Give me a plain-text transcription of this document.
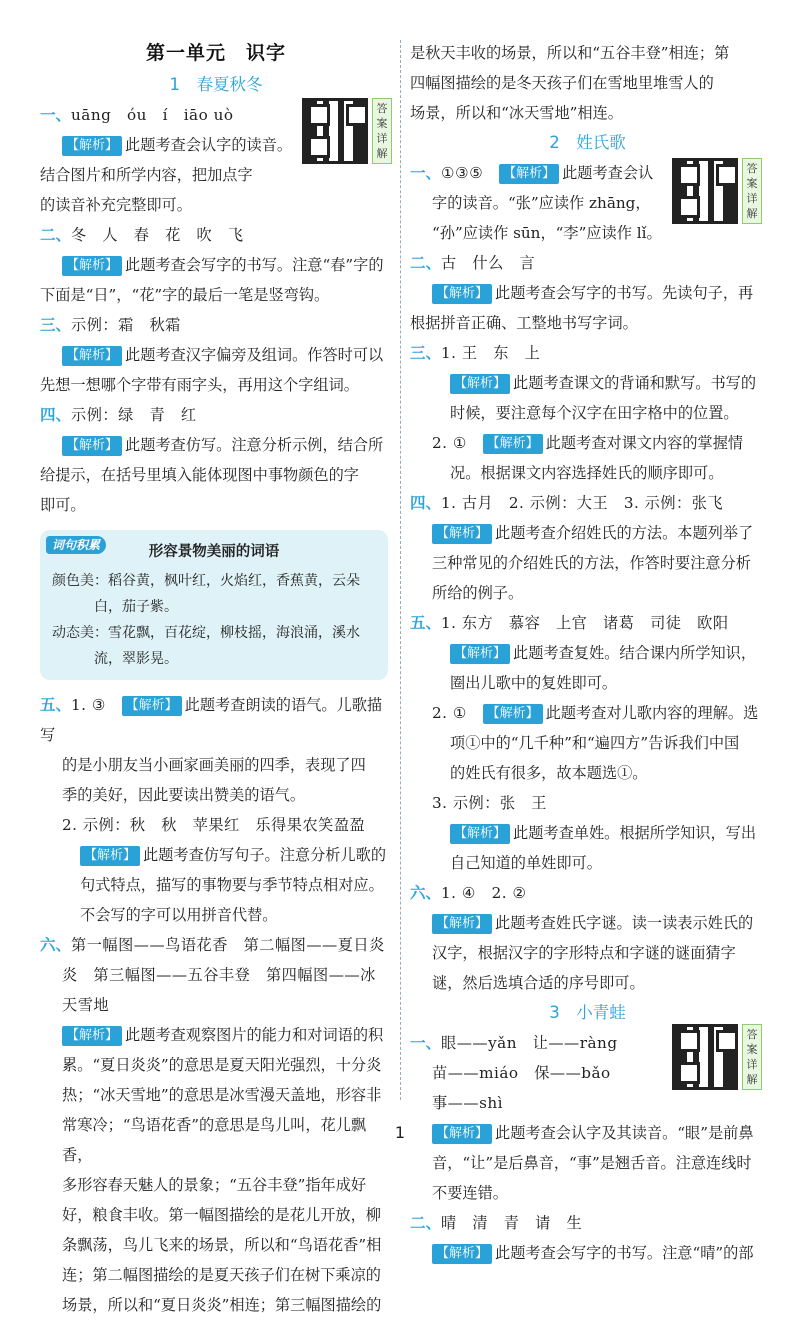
第一单元　识字
1　春夏秋冬
答案详解
一、uāng　óu　í　iāo uò
【解析】 此题考查会认字的读音。
结合图片和所学内容，把加点字
的读音补充完整即可。
二、冬　人　春　花　吹　飞
【解析】 此题考查会写字的书写。注意“春”字的
下面是“日”，“花”字的最后一笔是竖弯钩。
三、示例：霜　秋霜
【解析】 此题考查汉字偏旁及组词。作答时可以
先想一想哪个字带有雨字头，再用这个字组词。
四、示例：绿　青　红
【解析】 此题考查仿写。注意分析示例，结合所
给提示，在括号里填入能体现图中事物颜色的字
即可。
词句积累	形容景物美丽的词语
颜色美：稻谷黄，枫叶红，火焰红，香蕉黄，云朵
白，茄子紫。
动态美：雪花飘，百花绽，柳枝摇，海浪涌，溪水
流，翠影晃。
五、1. ③　【解析】 此题考查朗读的语气。儿歌描写
的是小朋友当小画家画美丽的四季，表现了四
季的美好，因此要读出赞美的语气。
2. 示例：秋　秋　苹果红　乐得果农笑盈盈
【解析】 此题考查仿写句子。注意分析儿歌的
句式特点，描写的事物要与季节特点相对应。
不会写的字可以用拼音代替。
六、第一幅图——鸟语花香　第二幅图——夏日炎
炎　第三幅图——五谷丰登　第四幅图——冰
天雪地
【解析】 此题考查观察图片的能力和对词语的积
累。“夏日炎炎”的意思是夏天阳光强烈，十分炎
热；“冰天雪地”的意思是冰雪漫天盖地，形容非
常寒冷；“鸟语花香”的意思是鸟儿叫，花儿飘香，
多形容春天魅人的景象；“五谷丰登”指年成好
好，粮食丰收。第一幅图描绘的是花儿开放，柳
条飘荡，鸟儿飞来的场景，所以和“鸟语花香”相
连；第二幅图描绘的是夏天孩子们在树下乘凉的
场景，所以和“夏日炎炎”相连；第三幅图描绘的
是秋天丰收的场景，所以和“五谷丰登”相连；第
四幅图描绘的是冬天孩子们在雪地里堆雪人的
场景，所以和“冰天雪地”相连。
2　姓氏歌
答案详解
一、①③⑤　【解析】 此题考查会认
字的读音。“张”应读作 zhāng，
“孙”应读作 sūn，“李”应读作 lǐ。
二、古　什么　言
【解析】 此题考查会写字的书写。先读句子，再
根据拼音正确、工整地书写字词。
三、1. 王　东　上
【解析】 此题考查课文的背诵和默写。书写的
时候，要注意每个汉字在田字格中的位置。
2. ①　【解析】 此题考查对课文内容的掌握情
况。根据课文内容选择姓氏的顺序即可。
四、1. 古月　2. 示例：大王　3. 示例：张飞
【解析】 此题考查介绍姓氏的方法。本题列举了
三种常见的介绍姓氏的方法，作答时要注意分析
所给的例子。
五、1. 东方　慕容　上官　诸葛　司徒　欧阳
【解析】 此题考查复姓。结合课内所学知识，
圈出儿歌中的复姓即可。
2. ①　【解析】 此题考查对儿歌内容的理解。选
项①中的“几千种”和“遍四方”告诉我们中国
的姓氏有很多，故本题选①。
3. 示例：张　王
【解析】 此题考查单姓。根据所学知识，写出
自己知道的单姓即可。
六、1. ④　2. ②
【解析】 此题考查姓氏字谜。读一读表示姓氏的
汉字，根据汉字的字形特点和字谜的谜面猜字
谜，然后选填合适的序号即可。
3　小青蛙
答案详解
一、眼——yǎn　让——ràng
苗——miáo　保——bǎo
事——shì
【解析】 此题考查会认字及其读音。“眼”是前鼻
音，“让”是后鼻音，“事”是翘舌音。注意连线时
不要连错。
二、晴　清　青　请　生
【解析】 此题考查会写字的书写。注意“晴”的部
1
